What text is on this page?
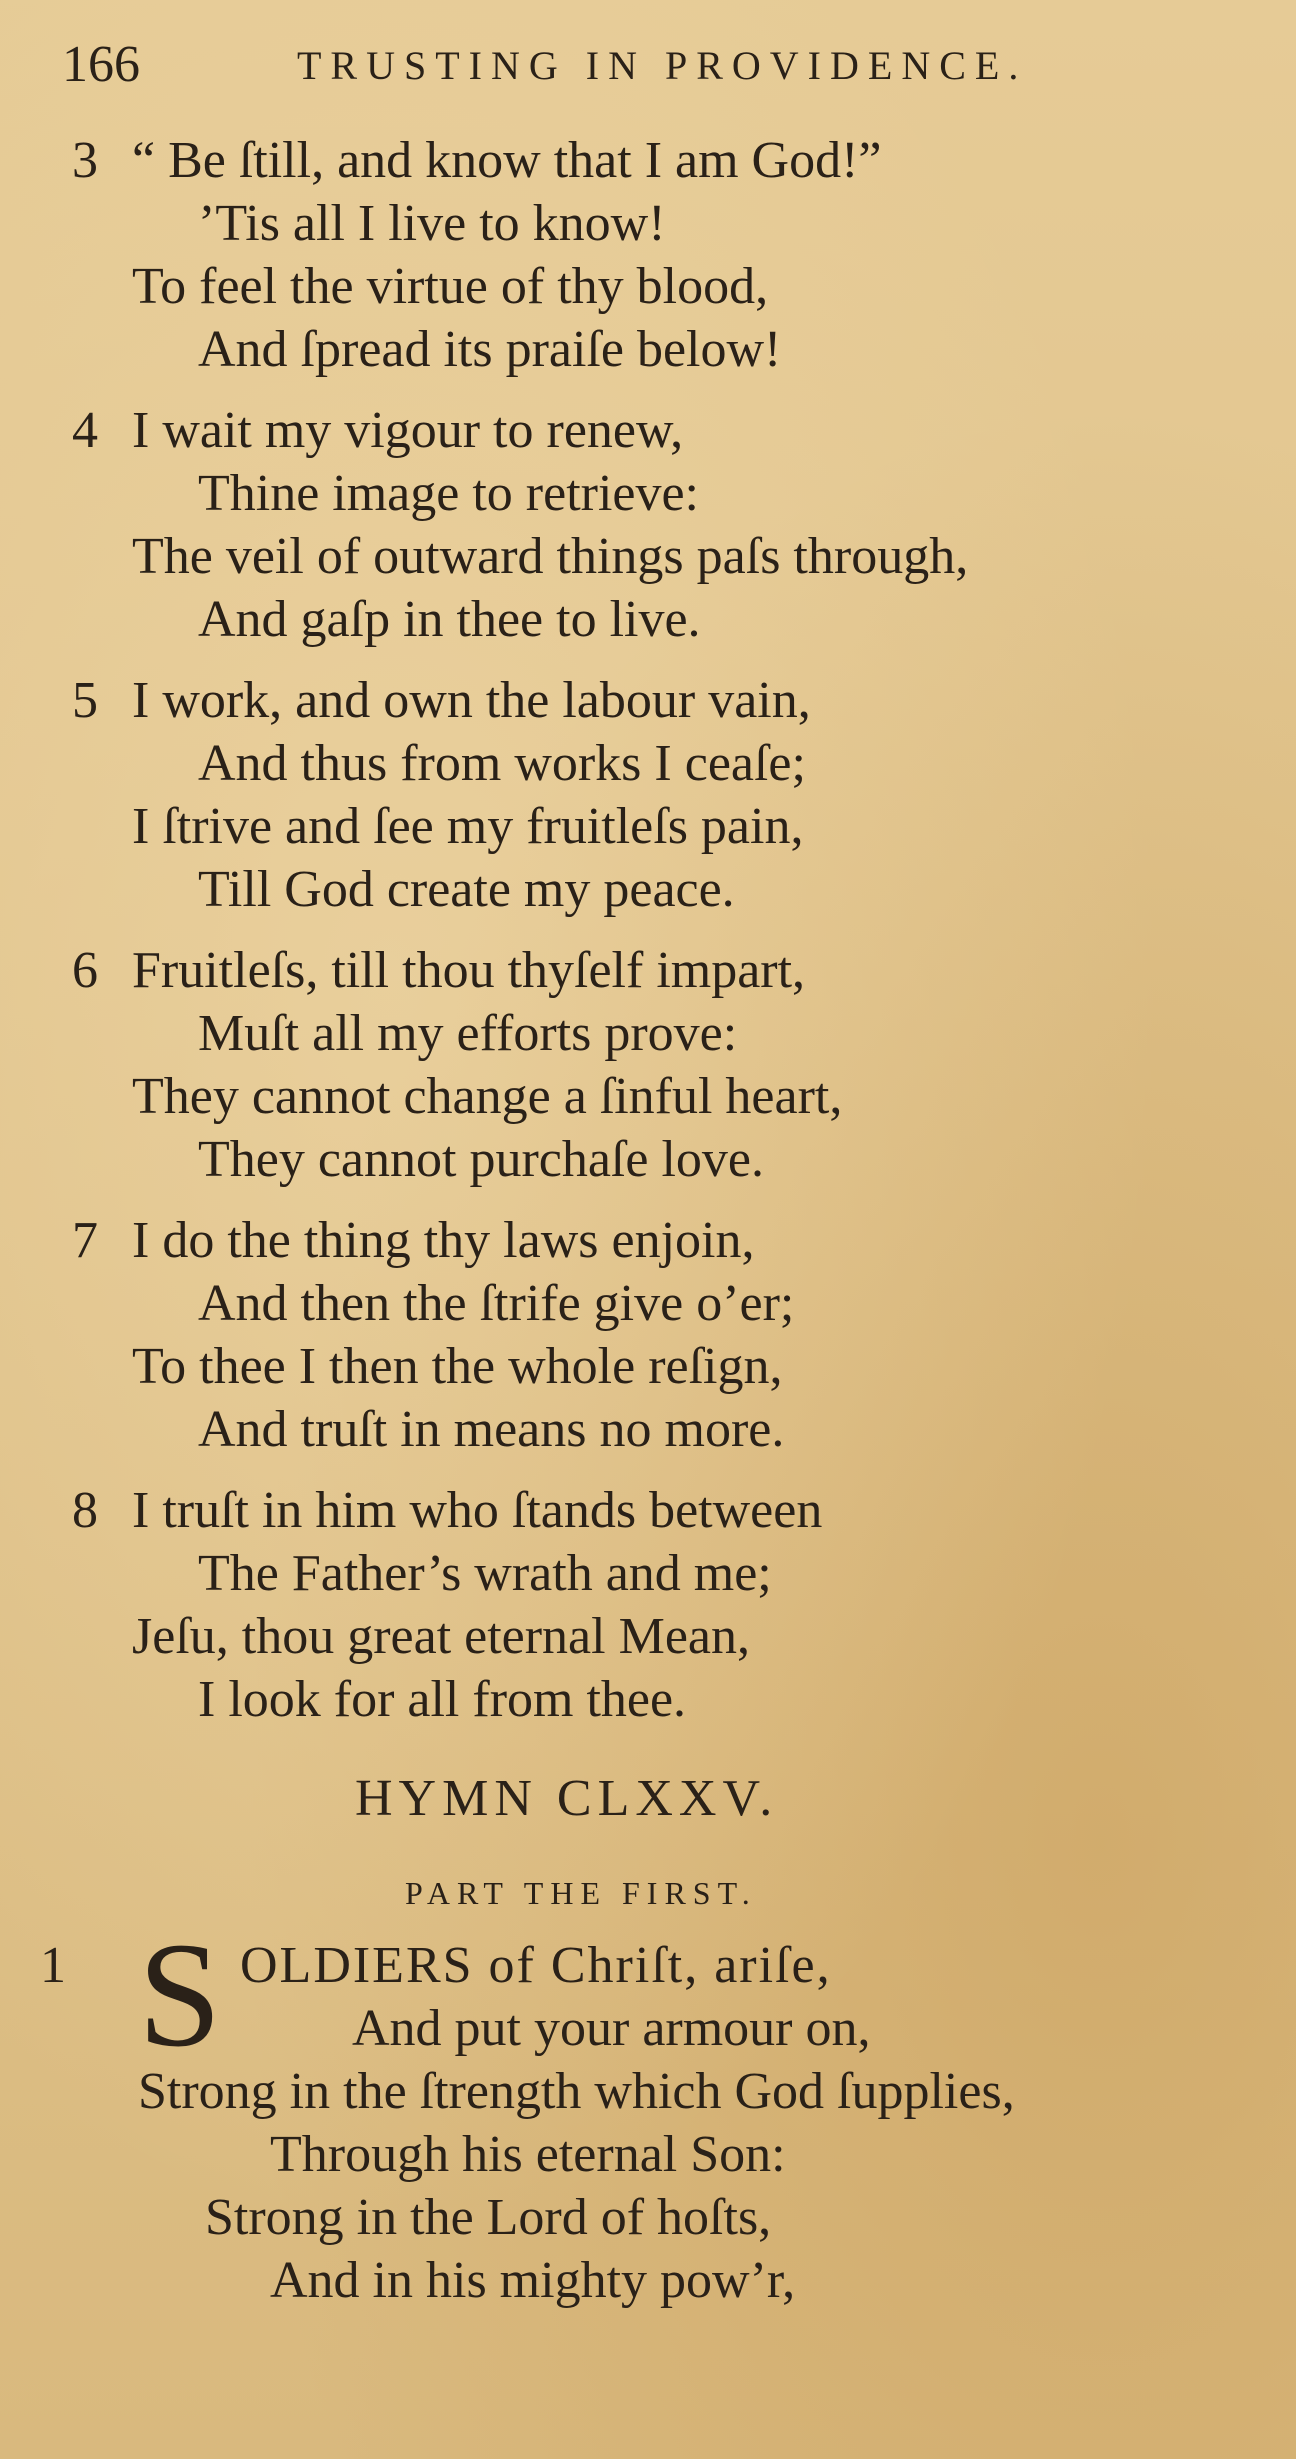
166	TRUSTING IN PROVIDENCE.
3 “ Be ſtill, and know that I am God!”
’Tis all I live to know!
To feel the virtue of thy blood,
And ſpread its praiſe below!
4 I wait my vigour to renew,
Thine image to retrieve:
The veil of outward things paſs through,
And gaſp in thee to live.
5 I work, and own the labour vain,
And thus from works I ceaſe;
I ſtrive and ſee my fruitleſs pain,
Till God create my peace.
6 Fruitleſs, till thou thyſelf impart,
Muſt all my efforts prove:
They cannot change a ſinful heart,
They cannot purchaſe love.
7 I do the thing thy laws enjoin,
And then the ſtrife give o’er;
To thee I then the whole reſign,
And truſt in means no more.
8 I truſt in him who ſtands between
The Father’s wrath and me;
Jeſu, thou great eternal Mean,
I look for all from thee.
HYMN CLXXV.
PART THE FIRST.
1 S OLDIERS of Chriſt, ariſe,
And put your armour on,
Strong in the ſtrength which God ſupplies,
Through his eternal Son:
Strong in the Lord of hoſts,
And in his mighty pow’r,
